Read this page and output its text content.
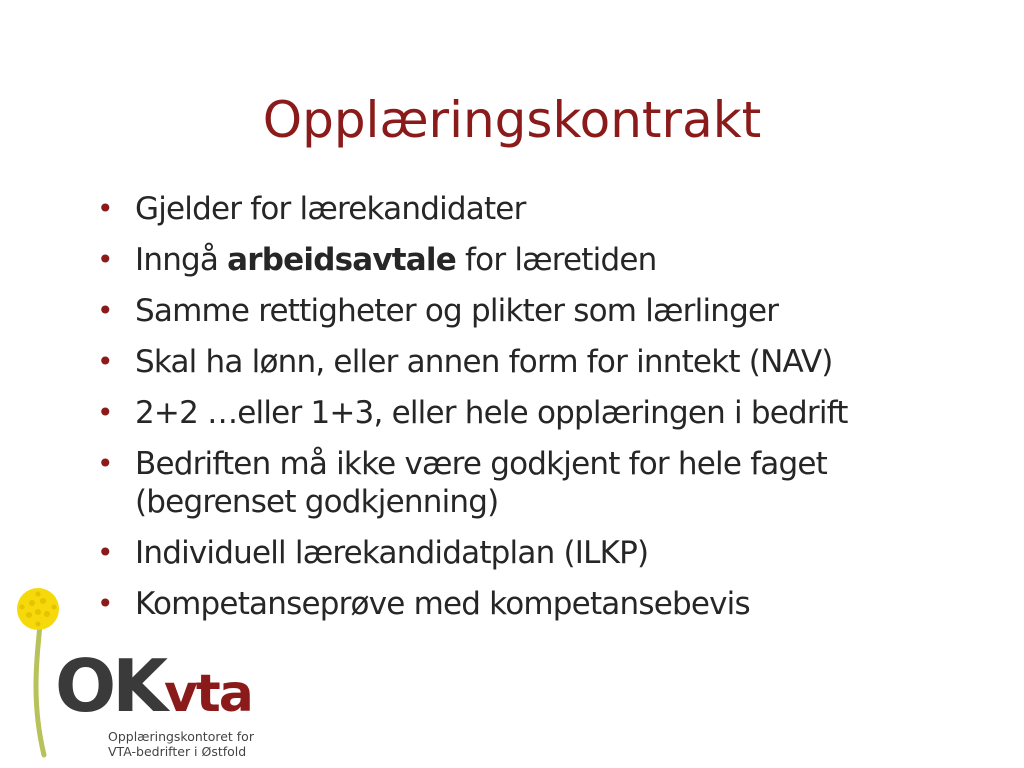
Opplæringskontrakt
• Gjelder for lærekandidater
• Inngå arbeidsavtale for læretiden
• Samme rettigheter og plikter som lærlinger
• Skal ha lønn, eller annen form for inntekt (NAV)
• 2+2 …eller 1+3, eller hele opplæringen i bedrift
• Bedriften må ikke være godkjent for hele faget (begrenset godkjenning)
• Individuell lærekandidatplan (ILKP)
• Kompetanseprøve med kompetansebevis
OKvta
Opplæringskontoret for
VTA-bedrifter i Østfold
